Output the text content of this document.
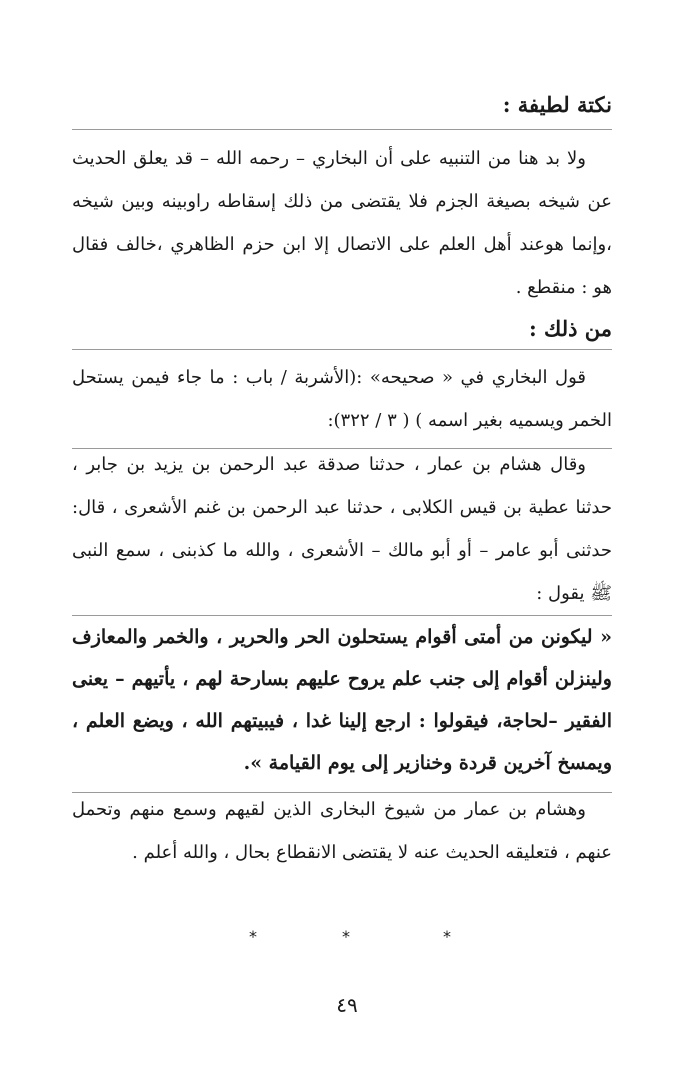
نكتة لطيفة :
ولا بد هنا من التنبيه على أن البخاري – رحمه الله – قد يعلق الحديث عن شيخه بصيغة الجزم فلا يقتضى من ذلك إسقاطه راوبينه وبين شيخه ،وإنما هوعند أهل العلم على الاتصال إلا ابن حزم الظاهري ،خالف فقال هو : منقطع .
من ذلك :
قول البخاري في « صحيحه» :(الأشربة / باب : ما جاء فيمن يستحل الخمر ويسميه بغير اسمه ) ( ٣ / ٣٢٢):
وقال هشام بن عمار ، حدثنا صدقة عبد الرحمن بن يزيد بن جابر ، حدثنا عطية بن قيس الكلابى ، حدثنا عبد الرحمن بن غنم الأشعرى ، قال: حدثنى أبو عامر – أو أبو مالك – الأشعرى ، والله ما كذبنى ، سمع النبى ﷺ يقول :
« ليكونن من أمتى أقوام يستحلون الحر والحرير ، والخمر والمعازف ولينزلن أقوام إلى جنب علم يروح عليهم بسارحة لهم ، يأتيهم – يعنى الفقير –لحاجة، فيقولوا : ارجع إلينا غدا ، فيبيتهم الله ، ويضع العلم ، ويمسخ آخرين قردة وخنازير إلى يوم القيامة ».
وهشام بن عمار من شيوخ البخارى الذين لقيهم وسمع منهم وتحمل عنهم ، فتعليقه الحديث عنه لا يقتضى الانقطاع بحال ، والله أعلم .
*
*
*
٤٩
